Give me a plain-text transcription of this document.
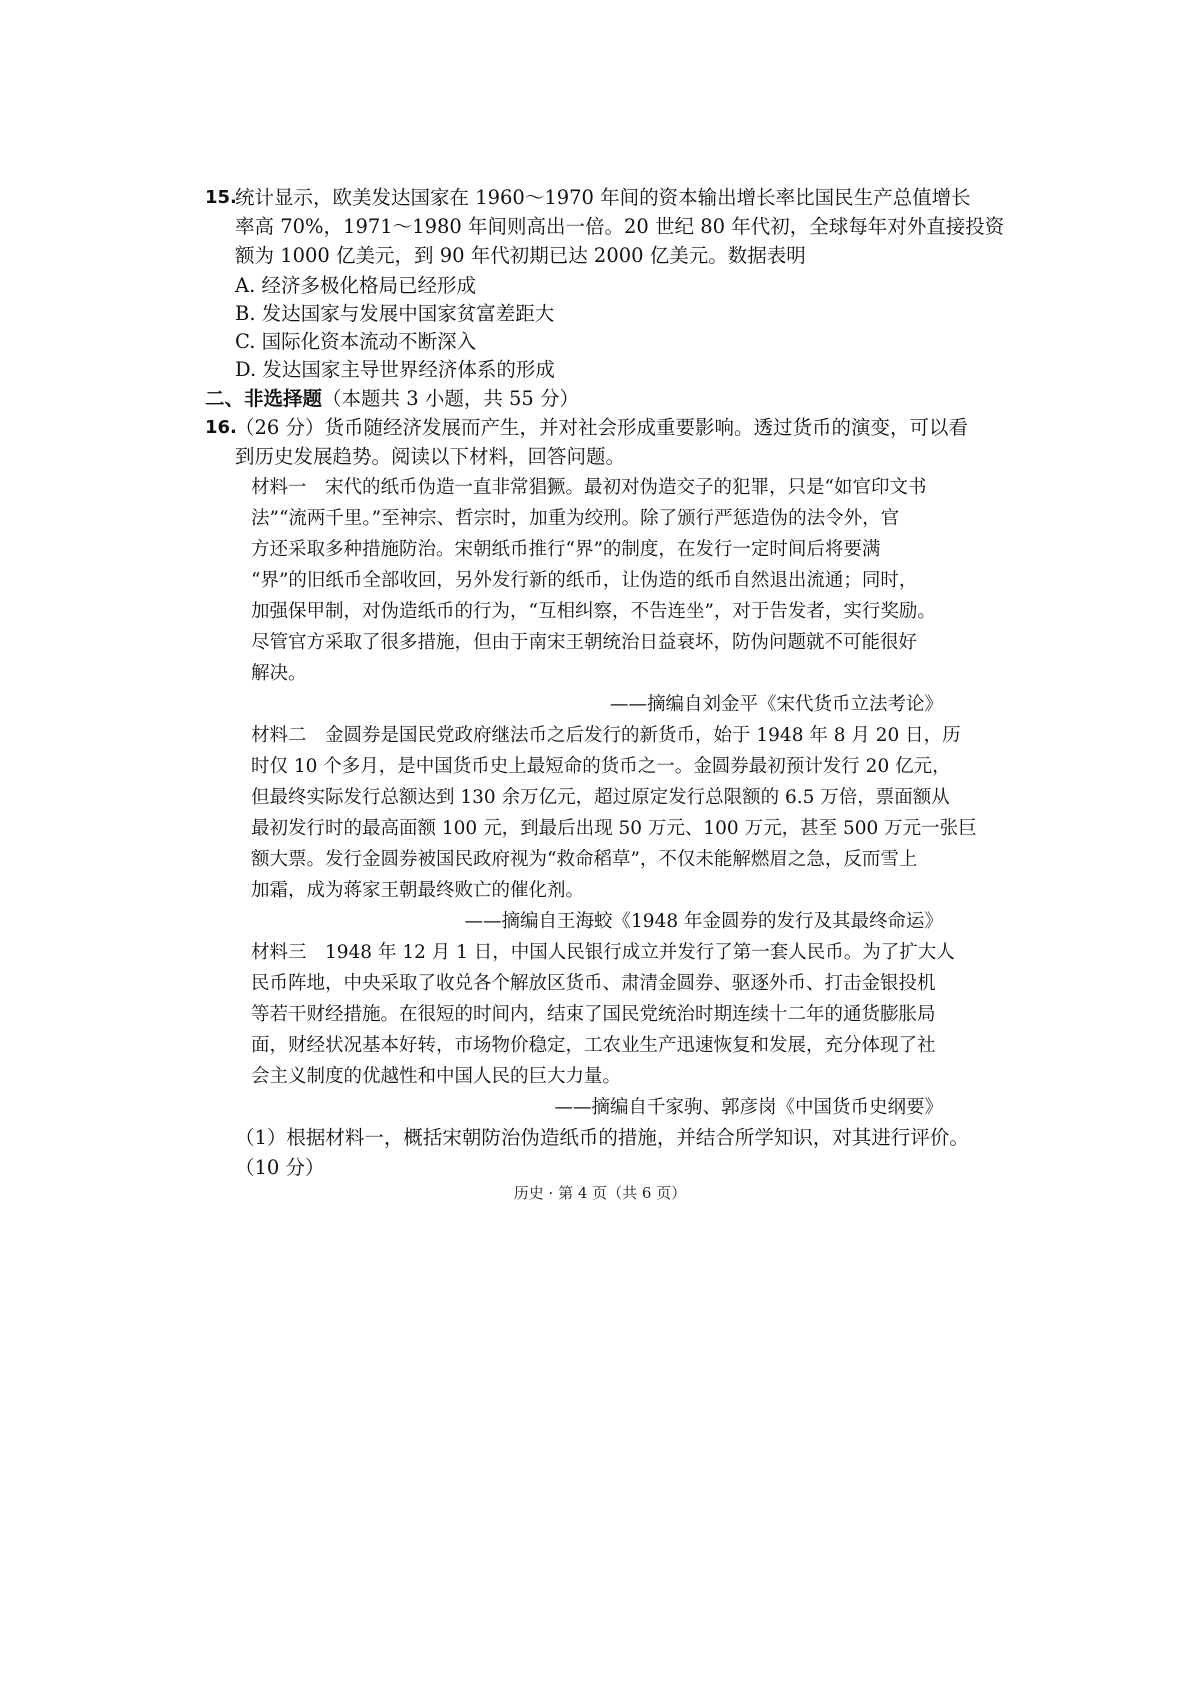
15.
统计显示，欧美发达国家在 1960～1970 年间的资本输出增长率比国民生产总值增长
率高 70%，1971～1980 年间则高出一倍。20 世纪 80 年代初，全球每年对外直接投资
额为 1000 亿美元，到 90 年代初期已达 2000 亿美元。数据表明
A. 经济多极化格局已经形成
B. 发达国家与发展中国家贫富差距大
C. 国际化资本流动不断深入
D. 发达国家主导世界经济体系的形成
二、非选择题（本题共 3 小题，共 55 分）
16.
（26 分）货币随经济发展而产生，并对社会形成重要影响。透过货币的演变，可以看
到历史发展趋势。阅读以下材料，回答问题。
材料一　宋代的纸币伪造一直非常猖獗。最初对伪造交子的犯罪，只是“如官印文书
法”“流两千里。”至神宗、哲宗时，加重为绞刑。除了颁行严惩造伪的法令外，官
方还采取多种措施防治。宋朝纸币推行“界”的制度，在发行一定时间后将要满
“界”的旧纸币全部收回，另外发行新的纸币，让伪造的纸币自然退出流通；同时，
加强保甲制，对伪造纸币的行为，“互相纠察，不告连坐”，对于告发者，实行奖励。
尽管官方采取了很多措施，但由于南宋王朝统治日益衰坏，防伪问题就不可能很好
解决。
——摘编自刘金平《宋代货币立法考论》
材料二　金圆券是国民党政府继法币之后发行的新货币，始于 1948 年 8 月 20 日，历
时仅 10 个多月，是中国货币史上最短命的货币之一。金圆券最初预计发行 20 亿元，
但最终实际发行总额达到 130 余万亿元，超过原定发行总限额的 6.5 万倍，票面额从
最初发行时的最高面额 100 元，到最后出现 50 万元、100 万元，甚至 500 万元一张巨
额大票。发行金圆券被国民政府视为“救命稻草”，不仅未能解燃眉之急，反而雪上
加霜，成为蒋家王朝最终败亡的催化剂。
——摘编自王海蛟《1948 年金圆券的发行及其最终命运》
材料三　1948 年 12 月 1 日，中国人民银行成立并发行了第一套人民币。为了扩大人
民币阵地，中央采取了收兑各个解放区货币、肃清金圆券、驱逐外币、打击金银投机
等若干财经措施。在很短的时间内，结束了国民党统治时期连续十二年的通货膨胀局
面，财经状况基本好转，市场物价稳定，工农业生产迅速恢复和发展，充分体现了社
会主义制度的优越性和中国人民的巨大力量。
——摘编自千家驹、郭彦岗《中国货币史纲要》
（1）根据材料一，概括宋朝防治伪造纸币的措施，并结合所学知识，对其进行评价。
（10 分）
历史 · 第 4 页（共 6 页）
